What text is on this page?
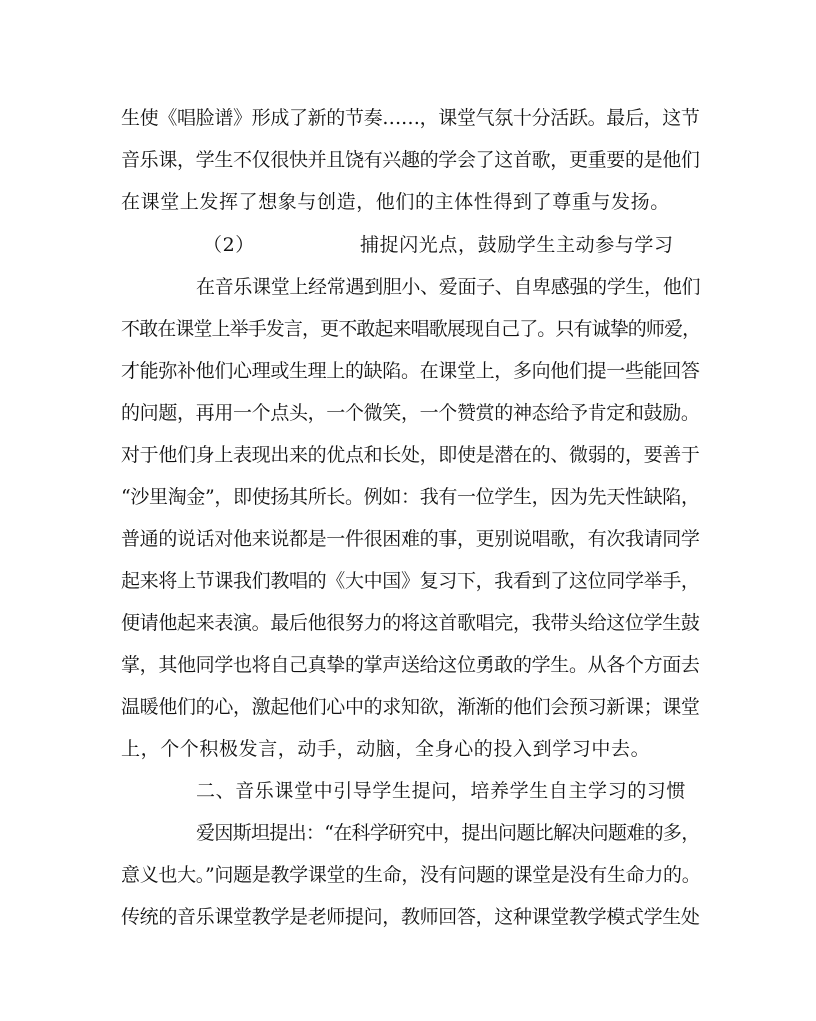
生使《唱脸谱》形成了新的节奏……，课堂气氛十分活跃。最后，这节
音乐课，学生不仅很快并且饶有兴趣的学会了这首歌，更重要的是他们
在课堂上发挥了想象与创造，他们的主体性得到了尊重与发扬。
（2）	捕捉闪光点，鼓励学生主动参与学习
在音乐课堂上经常遇到胆小、爱面子、自卑感强的学生，他们
不敢在课堂上举手发言，更不敢起来唱歌展现自己了。只有诚挚的师爱，
才能弥补他们心理或生理上的缺陷。在课堂上，多向他们提一些能回答
的问题，再用一个点头，一个微笑，一个赞赏的神态给予肯定和鼓励。
对于他们身上表现出来的优点和长处，即使是潜在的、微弱的，要善于
“沙里淘金”，即使扬其所长。例如：我有一位学生，因为先天性缺陷，
普通的说话对他来说都是一件很困难的事，更别说唱歌，有次我请同学
起来将上节课我们教唱的《大中国》复习下，我看到了这位同学举手，
便请他起来表演。最后他很努力的将这首歌唱完，我带头给这位学生鼓
掌，其他同学也将自己真挚的掌声送给这位勇敢的学生。从各个方面去
温暖他们的心，激起他们心中的求知欲，渐渐的他们会预习新课；课堂
上，个个积极发言，动手，动脑，全身心的投入到学习中去。
二、音乐课堂中引导学生提问，培养学生自主学习的习惯
爱因斯坦提出：“在科学研究中，提出问题比解决问题难的多，
意义也大。”问题是教学课堂的生命，没有问题的课堂是没有生命力的。
传统的音乐课堂教学是老师提问，教师回答，这种课堂教学模式学生处
